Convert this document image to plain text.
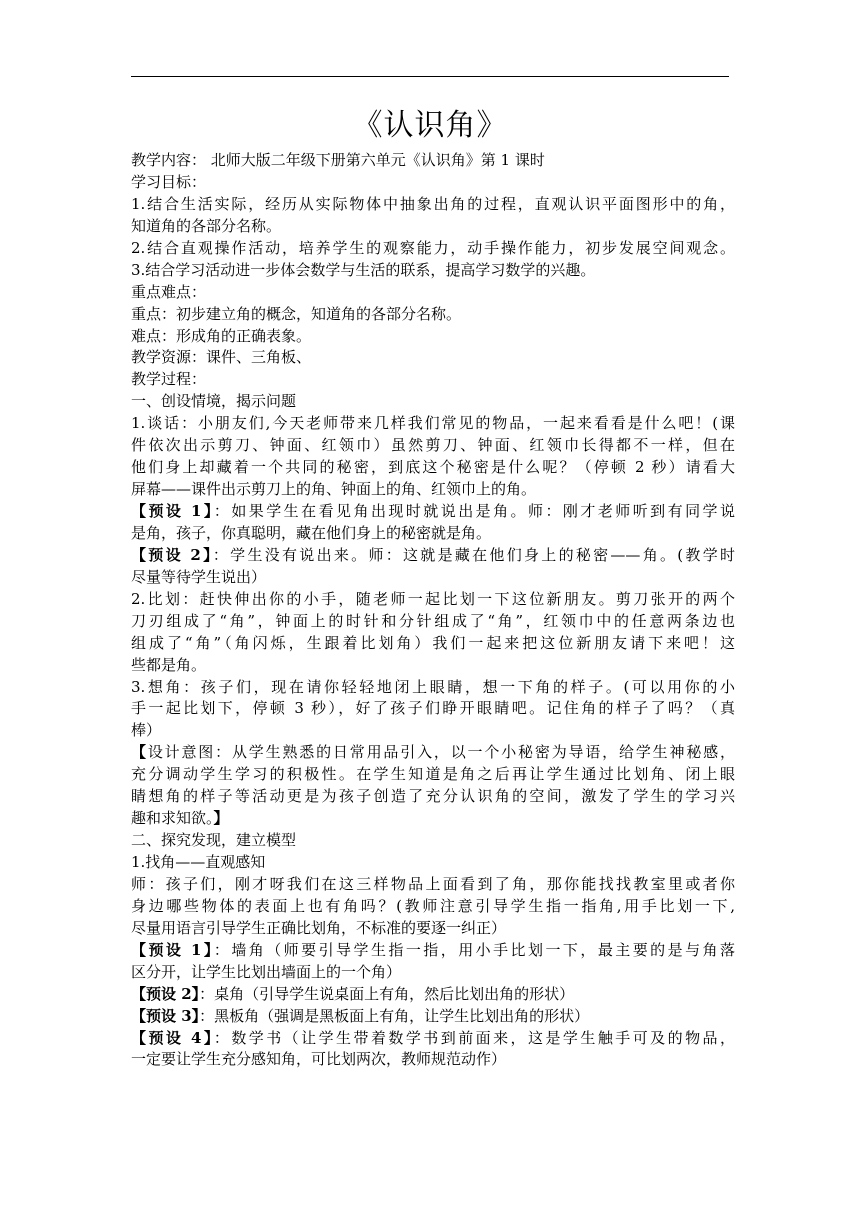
《认识角》
教学内容： 北师大版二年级下册第六单元《认识角》第 1 课时
学习目标：
1.结合生活实际，经历从实际物体中抽象出角的过程，直观认识平面图形中的角，
知道角的各部分名称。
2.结合直观操作活动，培养学生的观察能力，动手操作能力，初步发展空间观念。
3.结合学习活动进一步体会数学与生活的联系，提高学习数学的兴趣。
重点难点：
重点：初步建立角的概念，知道角的各部分名称。
难点：形成角的正确表象。
教学资源：课件、三角板、
教学过程：
一、创设情境，揭示问题
1.谈话：小朋友们,今天老师带来几样我们常见的物品，一起来看看是什么吧！(课
件依次出示剪刀、钟面、红领巾）虽然剪刀、钟面、红领巾长得都不一样，但在
他们身上却藏着一个共同的秘密，到底这个秘密是什么呢？（停顿 2 秒）请看大
屏幕——课件出示剪刀上的角、钟面上的角、红领巾上的角。
【预设 1】：如果学生在看见角出现时就说出是角。师：刚才老师听到有同学说
是角，孩子，你真聪明，藏在他们身上的秘密就是角。
【预设 2】：学生没有说出来。师：这就是藏在他们身上的秘密——角。(教学时
尽量等待学生说出）
2.比划：赶快伸出你的小手，随老师一起比划一下这位新朋友。剪刀张开的两个
刀刃组成了“角”，钟面上的时针和分针组成了“角”，红领巾中的任意两条边也
组成了“角”（角闪烁，生跟着比划角）我们一起来把这位新朋友请下来吧！这
些都是角。
3.想角：孩子们，现在请你轻轻地闭上眼睛，想一下角的样子。(可以用你的小
手一起比划下，停顿 3 秒），好了孩子们睁开眼睛吧。记住角的样子了吗？（真
棒）
【设计意图：从学生熟悉的日常用品引入，以一个小秘密为导语，给学生神秘感，
充分调动学生学习的积极性。在学生知道是角之后再让学生通过比划角、闭上眼
睛想角的样子等活动更是为孩子创造了充分认识角的空间，激发了学生的学习兴
趣和求知欲。】
二、探究发现，建立模型
1.找角——直观感知
师：孩子们，刚才呀我们在这三样物品上面看到了角，那你能找找教室里或者你
身边哪些物体的表面上也有角吗？(教师注意引导学生指一指角,用手比划一下,
尽量用语言引导学生正确比划角，不标准的要逐一纠正）
【预设 1】：墙角（师要引导学生指一指，用小手比划一下，最主要的是与角落
区分开，让学生比划出墙面上的一个角）
【预设 2】：桌角（引导学生说桌面上有角，然后比划出角的形状）
【预设 3】：黑板角（强调是黑板面上有角，让学生比划出角的形状）
【预设 4】：数学书（让学生带着数学书到前面来，这是学生触手可及的物品，
一定要让学生充分感知角，可比划两次，教师规范动作）
